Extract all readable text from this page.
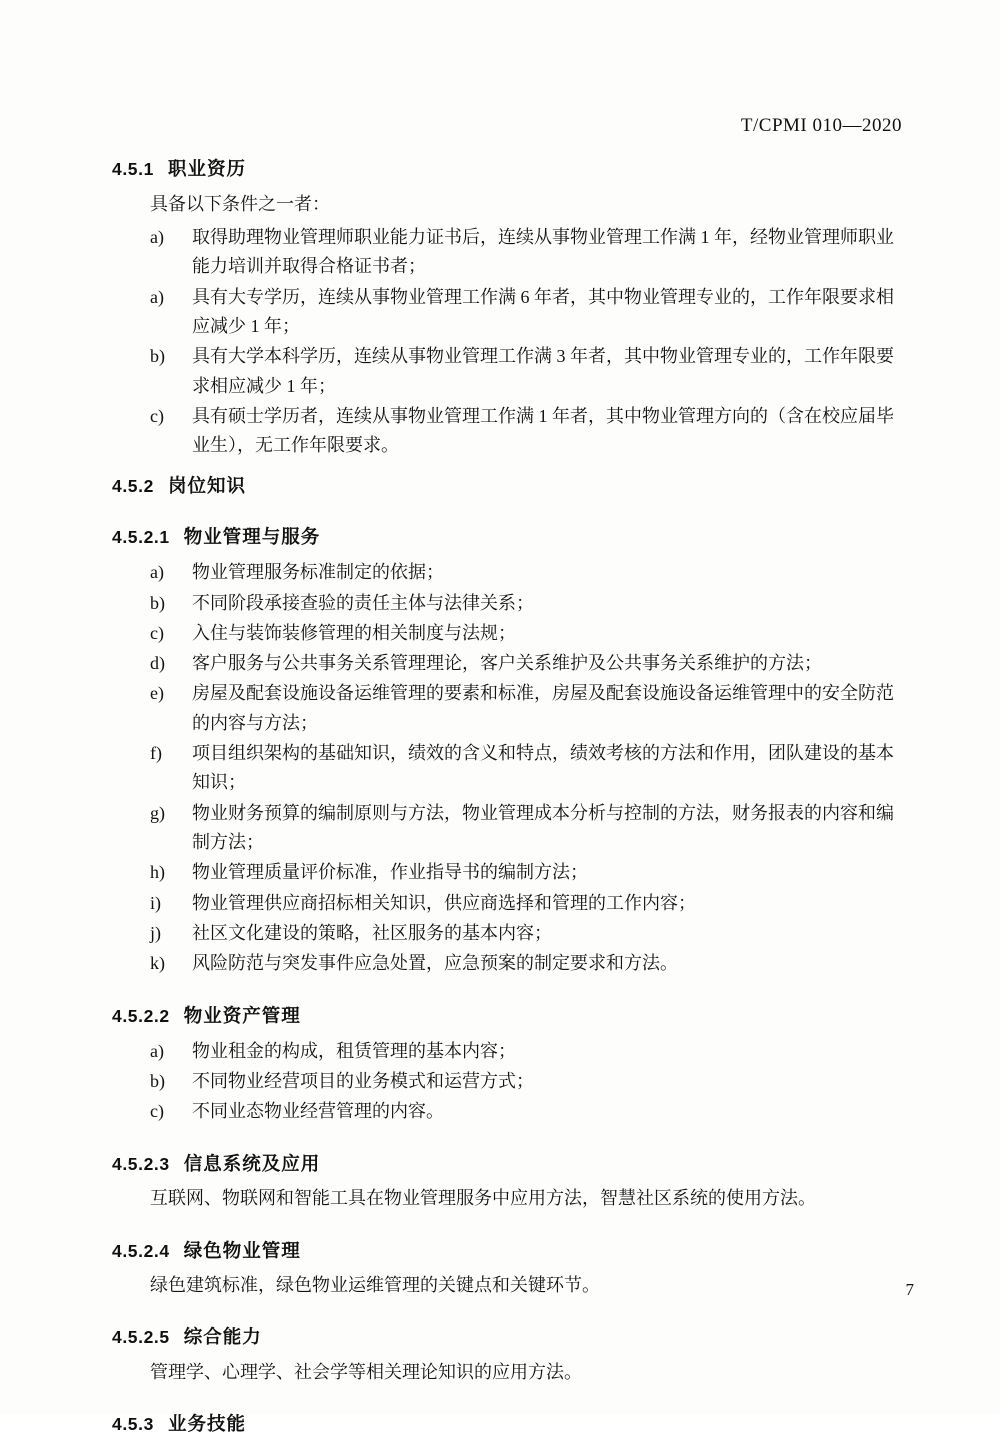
T/CPMI 010—2020

4.5.1 职业资历

具备以下条件之一者：

a)	取得助理物业管理师职业能力证书后，连续从事物业管理工作满 1 年，经物业管理师职业能力培训并取得合格证书者；
a)	具有大专学历，连续从事物业管理工作满 6 年者，其中物业管理专业的，工作年限要求相应减少 1 年；
b)	具有大学本科学历，连续从事物业管理工作满 3 年者，其中物业管理专业的，工作年限要求相应减少 1 年；
c)	具有硕士学历者，连续从事物业管理工作满 1 年者，其中物业管理方向的（含在校应届毕业生），无工作年限要求。

4.5.2 岗位知识

4.5.2.1 物业管理与服务

a)	物业管理服务标准制定的依据；
b)	不同阶段承接查验的责任主体与法律关系；
c)	入住与装饰装修管理的相关制度与法规；
d)	客户服务与公共事务关系管理理论，客户关系维护及公共事务关系维护的方法；
e)	房屋及配套设施设备运维管理的要素和标准，房屋及配套设施设备运维管理中的安全防范的内容与方法；
f)	项目组织架构的基础知识，绩效的含义和特点，绩效考核的方法和作用，团队建设的基本知识；
g)	物业财务预算的编制原则与方法，物业管理成本分析与控制的方法，财务报表的内容和编制方法；
h)	物业管理质量评价标准，作业指导书的编制方法；
i)	物业管理供应商招标相关知识，供应商选择和管理的工作内容；
j)	社区文化建设的策略，社区服务的基本内容；
k)	风险防范与突发事件应急处置，应急预案的制定要求和方法。

4.5.2.2 物业资产管理

a)	物业租金的构成，租赁管理的基本内容；
b)	不同物业经营项目的业务模式和运营方式；
c)	不同业态物业经营管理的内容。

4.5.2.3 信息系统及应用

互联网、物联网和智能工具在物业管理服务中应用方法，智慧社区系统的使用方法。

4.5.2.4 绿色物业管理

绿色建筑标准，绿色物业运维管理的关键点和关键环节。

4.5.2.5 综合能力

管理学、心理学、社会学等相关理论知识的应用方法。

4.5.3 业务技能

7
